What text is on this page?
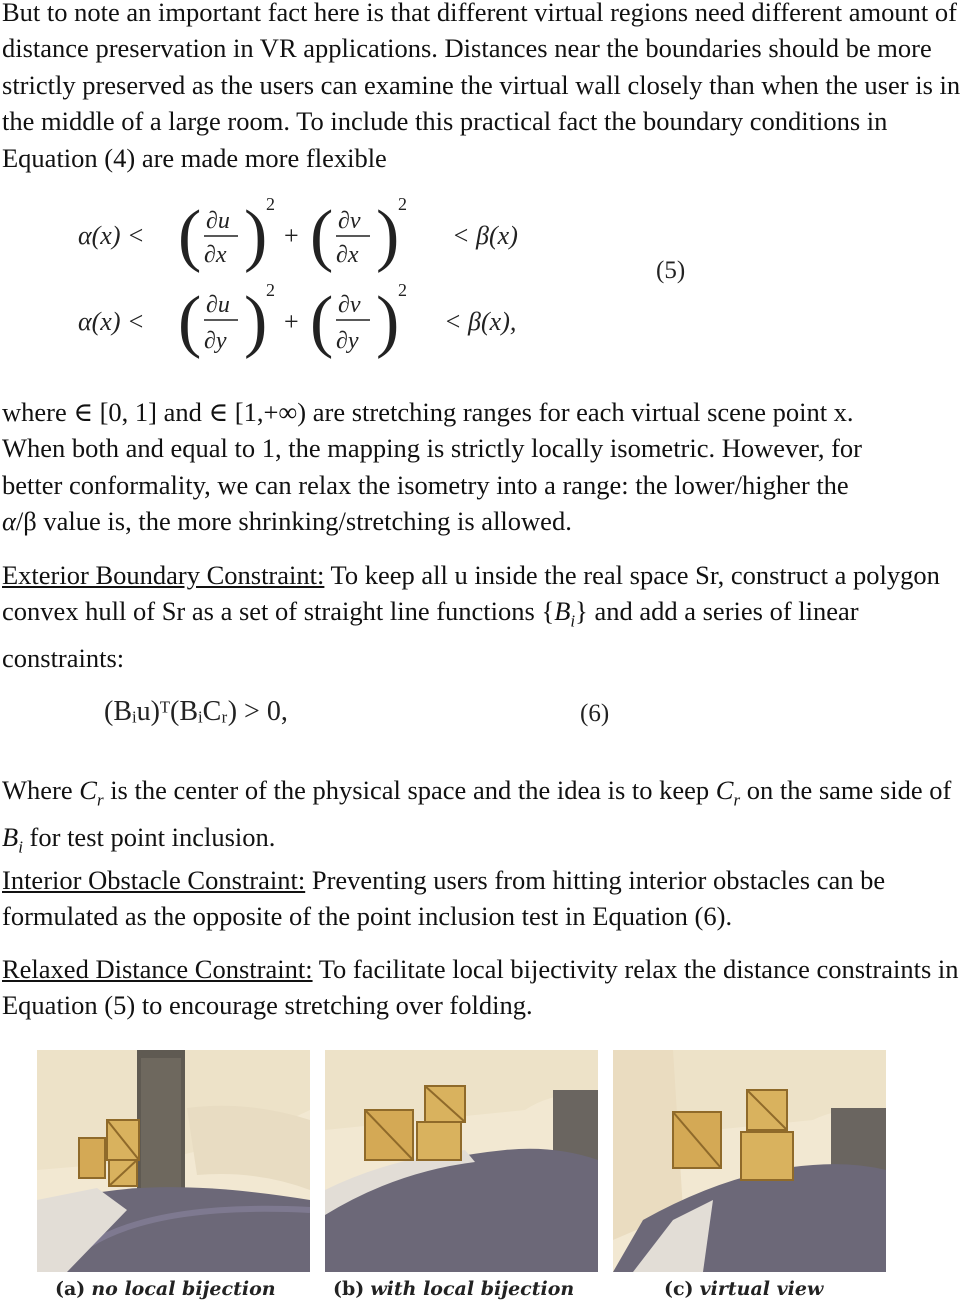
But to note an important fact here is that different virtual regions need different amount of distance preservation in VR applications. Distances near the boundaries should be more strictly preserved as the users can examine the virtual wall closely than when the user is in the middle of a large room. To include this practical fact the boundary conditions in Equation (4) are made more flexible

α(x) < ( ∂u
∂x )
2
+ ( ∂v
∂x )
2
< β(x)
α(x) < ( ∂u
∂y )
2
+ ( ∂v
∂y )
2
< β(x),
(5)

where ∈ [0, 1] and ∈ [1,+∞) are stretching ranges for each virtual scene point x.
When both and equal to 1, the mapping is strictly locally isometric. However, for
better conformality, we can relax the isometry into a range: the lower/higher the
α/β value is, the more shrinking/stretching is allowed.

Exterior Boundary Constraint: To keep all u inside the real space Sr, construct a polygon convex hull of Sr as a set of straight line functions $\{B_i\}$ and add a series of linear constraints:

(Bᵢu)ᵀ(BᵢCᵣ) > 0,	(6)

Where $C_r$ is the center of the physical space and the idea is to keep $C_r$ on the same side of $B_i$ for test point inclusion.

Interior Obstacle Constraint: Preventing users from hitting interior obstacles can be formulated as the opposite of the point inclusion test in Equation (6).

Relaxed Distance Constraint: To facilitate local bijectivity relax the distance constraints in Equation (5) to encourage stretching over folding.

(a) no local bijection	(b) with local bijection	(c) virtual view
